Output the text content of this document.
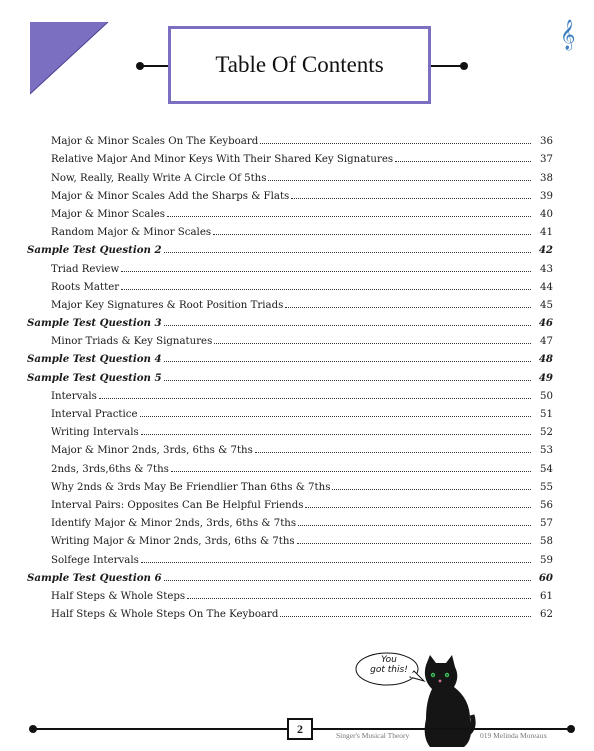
𝄞
Table Of Contents
Major & Minor Scales On The Keyboard	36
Relative Major And Minor Keys With Their Shared Key Signatures	37
Now, Really, Really Write A Circle Of 5ths	38
Major & Minor Scales Add the Sharps & Flats	39
Major & Minor Scales	40
Random Major & Minor Scales	41
Sample Test Question 2	42
Triad Review	43
Roots Matter	44
Major Key Signatures & Root Position Triads	45
Sample Test Question 3	46
Minor Triads & Key Signatures	47
Sample Test Question 4	48
Sample Test Question 5	49
Intervals	50
Interval Practice	51
Writing Intervals	52
Major & Minor 2nds, 3rds, 6ths & 7ths	53
2nds, 3rds,6ths & 7ths	54
Why 2nds & 3rds May Be Friendlier Than 6ths & 7ths	55
Interval Pairs: Opposites Can Be Helpful Friends	56
Identify Major & Minor 2nds, 3rds, 6ths & 7ths	57
Writing Major & Minor 2nds, 3rds, 6ths & 7ths	58
Solfege Intervals	59
Sample Test Question 6	60
Half Steps & Whole Steps	61
Half Steps & Whole Steps On The Keyboard	62
You
got this!
2	Singer's Musical Theory	019 Melinda Moreaux
